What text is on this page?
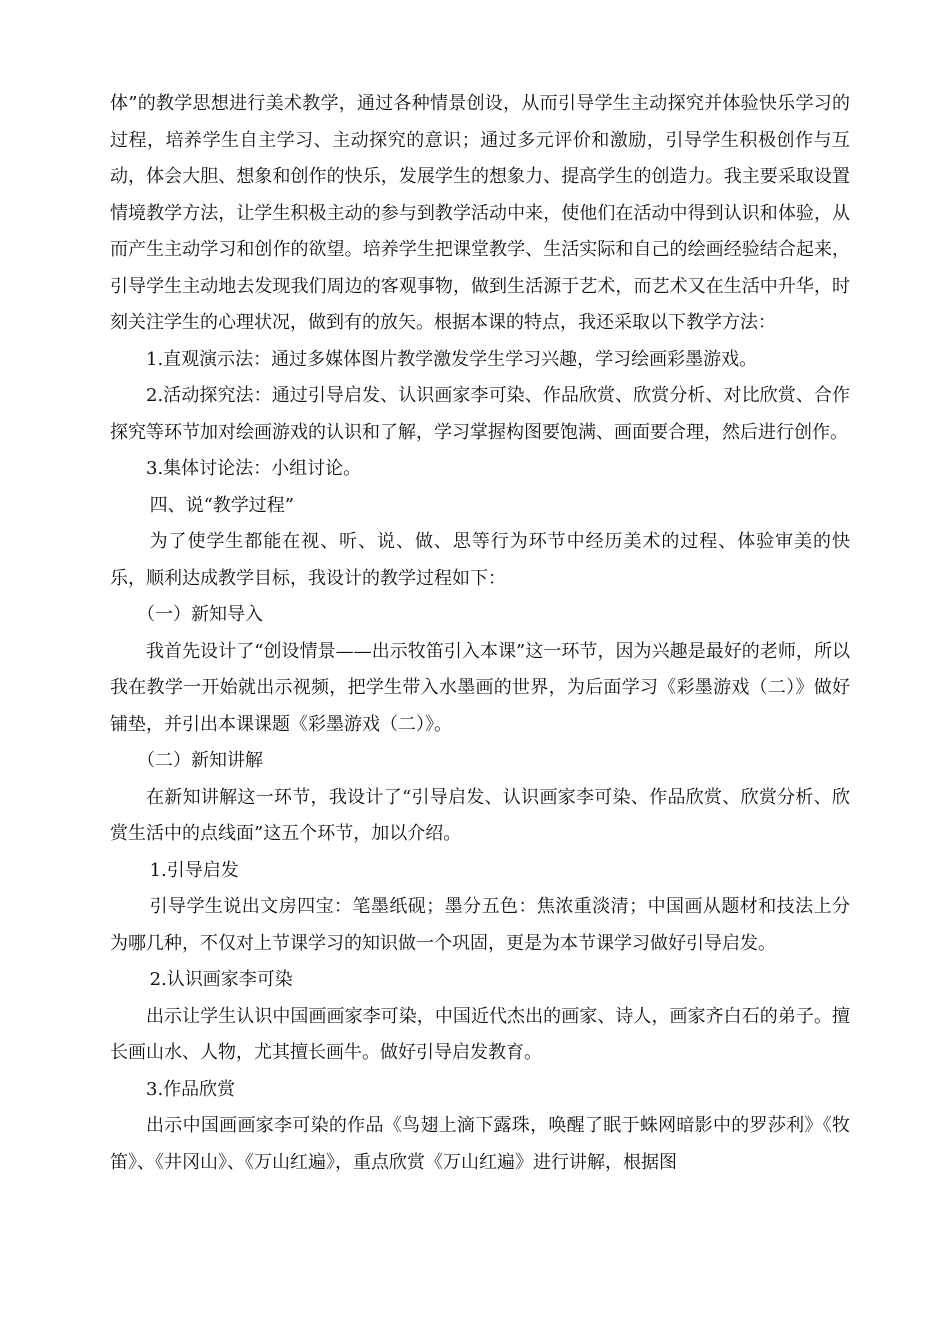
体”的教学思想进行美术教学，通过各种情景创设，从而引导学生主动探究并体验快乐学习的过程，培养学生自主学习、主动探究的意识；通过多元评价和激励，引导学生积极创作与互动，体会大胆、想象和创作的快乐，发展学生的想象力、提高学生的创造力。我主要采取设置情境教学方法，让学生积极主动的参与到教学活动中来，使他们在活动中得到认识和体验，从而产生主动学习和创作的欲望。培养学生把课堂教学、生活实际和自己的绘画经验结合起来，引导学生主动地去发现我们周边的客观事物，做到生活源于艺术，而艺术又在生活中升华，时刻关注学生的心理状况，做到有的放矢。根据本课的特点，我还采取以下教学方法：

1.直观演示法：通过多媒体图片教学激发学生学习兴趣，学习绘画彩墨游戏。

2.活动探究法：通过引导启发、认识画家李可染、作品欣赏、欣赏分析、对比欣赏、合作探究等环节加对绘画游戏的认识和了解，学习掌握构图要饱满、画面要合理，然后进行创作。

3.集体讨论法：小组讨论。

四、说“教学过程”

为了使学生都能在视、听、说、做、思等行为环节中经历美术的过程、体验审美的快乐，顺利达成教学目标，我设计的教学过程如下：

（一）新知导入

我首先设计了“创设情景——出示牧笛引入本课”这一环节，因为兴趣是最好的老师，所以我在教学一开始就出示视频，把学生带入水墨画的世界，为后面学习《彩墨游戏（二）》做好铺垫，并引出本课课题《彩墨游戏（二）》。

（二）新知讲解

在新知讲解这一环节，我设计了“引导启发、认识画家李可染、作品欣赏、欣赏分析、欣赏生活中的点线面”这五个环节，加以介绍。

1.引导启发

引导学生说出文房四宝：笔墨纸砚；墨分五色：焦浓重淡清；中国画从题材和技法上分为哪几种，不仅对上节课学习的知识做一个巩固，更是为本节课学习做好引导启发。

2.认识画家李可染

出示让学生认识中国画画家李可染，中国近代杰出的画家、诗人，画家齐白石的弟子。擅长画山水、人物，尤其擅长画牛。做好引导启发教育。

3.作品欣赏

出示中国画画家李可染的作品《鸟翅上滴下露珠，唤醒了眠于蛛网暗影中的罗莎利》《牧笛》、《井冈山》、《万山红遍》，重点欣赏《万山红遍》进行讲解，根据图
